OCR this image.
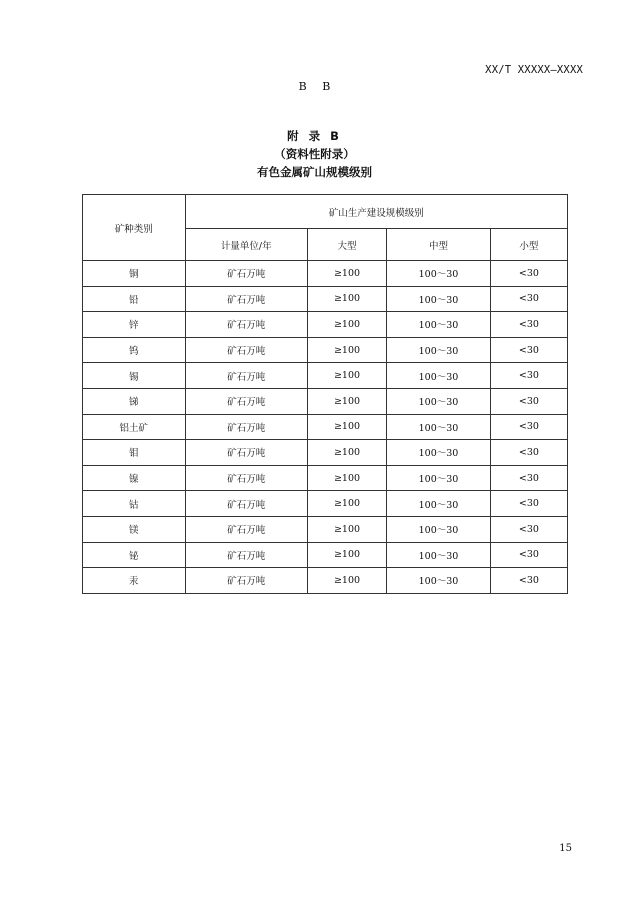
XX/T XXXXX—XXXX
B B
附 录 B
（资料性附录）
有色金属矿山规模级别
矿种类别	矿山生产建设规模级别			
	计量单位/年	大型	中型	小型
铜	矿石万吨	≥100	100～30	<30
铅	矿石万吨	≥100	100～30	<30
锌	矿石万吨	≥100	100～30	<30
钨	矿石万吨	≥100	100～30	<30
锡	矿石万吨	≥100	100～30	<30
锑	矿石万吨	≥100	100～30	<30
铝土矿	矿石万吨	≥100	100～30	<30
钼	矿石万吨	≥100	100～30	<30
镍	矿石万吨	≥100	100～30	<30
钴	矿石万吨	≥100	100～30	<30
镁	矿石万吨	≥100	100～30	<30
铋	矿石万吨	≥100	100～30	<30
汞	矿石万吨	≥100	100～30	<30
15
